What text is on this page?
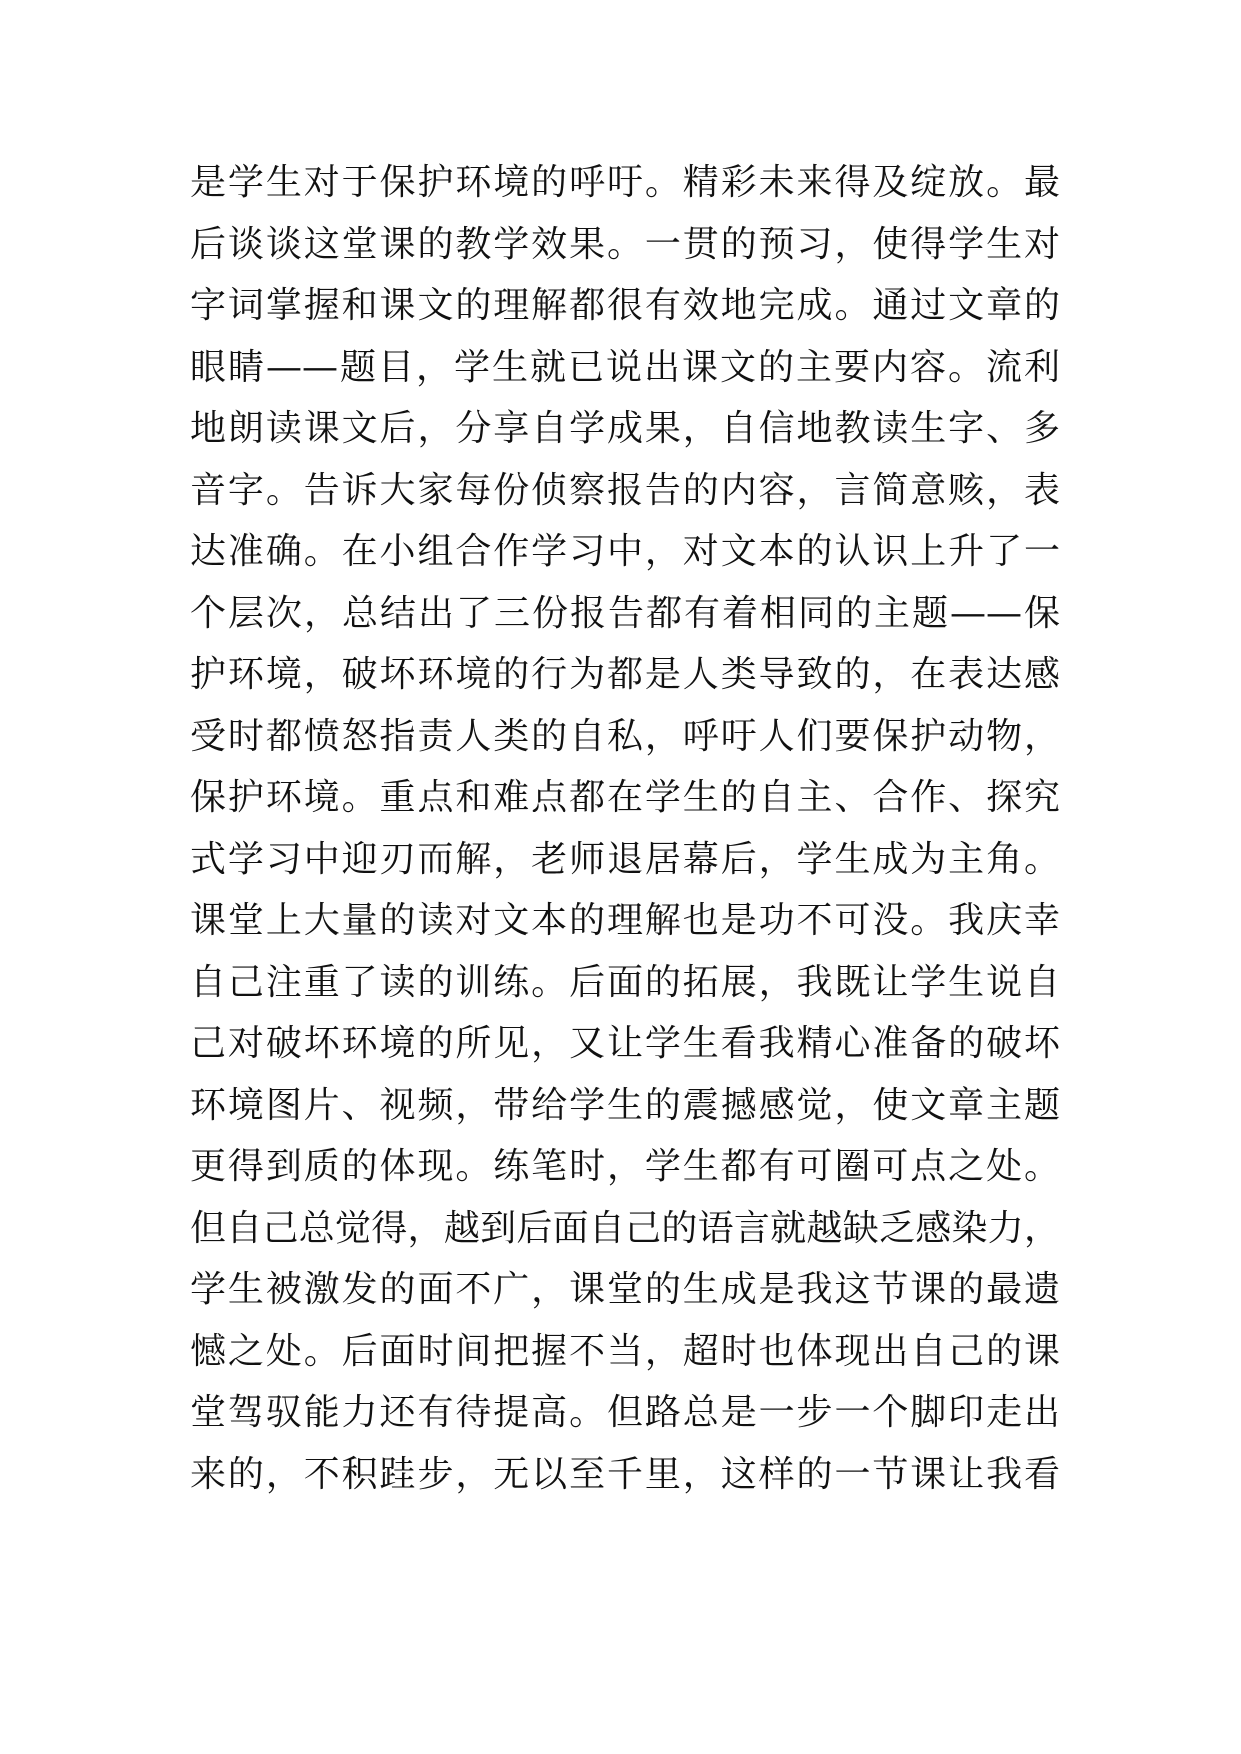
是学生对于保护环境的呼吁。精彩未来得及绽放。最
后谈谈这堂课的教学效果。一贯的预习，使得学生对
字词掌握和课文的理解都很有效地完成。通过文章的
眼睛——题目，学生就已说出课文的主要内容。流利
地朗读课文后，分享自学成果，自信地教读生字、多
音字。告诉大家每份侦察报告的内容，言简意赅，表
达准确。在小组合作学习中，对文本的认识上升了一
个层次，总结出了三份报告都有着相同的主题——保
护环境，破坏环境的行为都是人类导致的，在表达感
受时都愤怒指责人类的自私，呼吁人们要保护动物，
保护环境。重点和难点都在学生的自主、合作、探究
式学习中迎刃而解，老师退居幕后，学生成为主角。
课堂上大量的读对文本的理解也是功不可没。我庆幸
自己注重了读的训练。后面的拓展，我既让学生说自
己对破坏环境的所见，又让学生看我精心准备的破坏
环境图片、视频，带给学生的震撼感觉，使文章主题
更得到质的体现。练笔时，学生都有可圈可点之处。
但自己总觉得，越到后面自己的语言就越缺乏感染力，
学生被激发的面不广，课堂的生成是我这节课的最遗
憾之处。后面时间把握不当，超时也体现出自己的课
堂驾驭能力还有待提高。但路总是一步一个脚印走出
来的，不积跬步，无以至千里，这样的一节课让我看
